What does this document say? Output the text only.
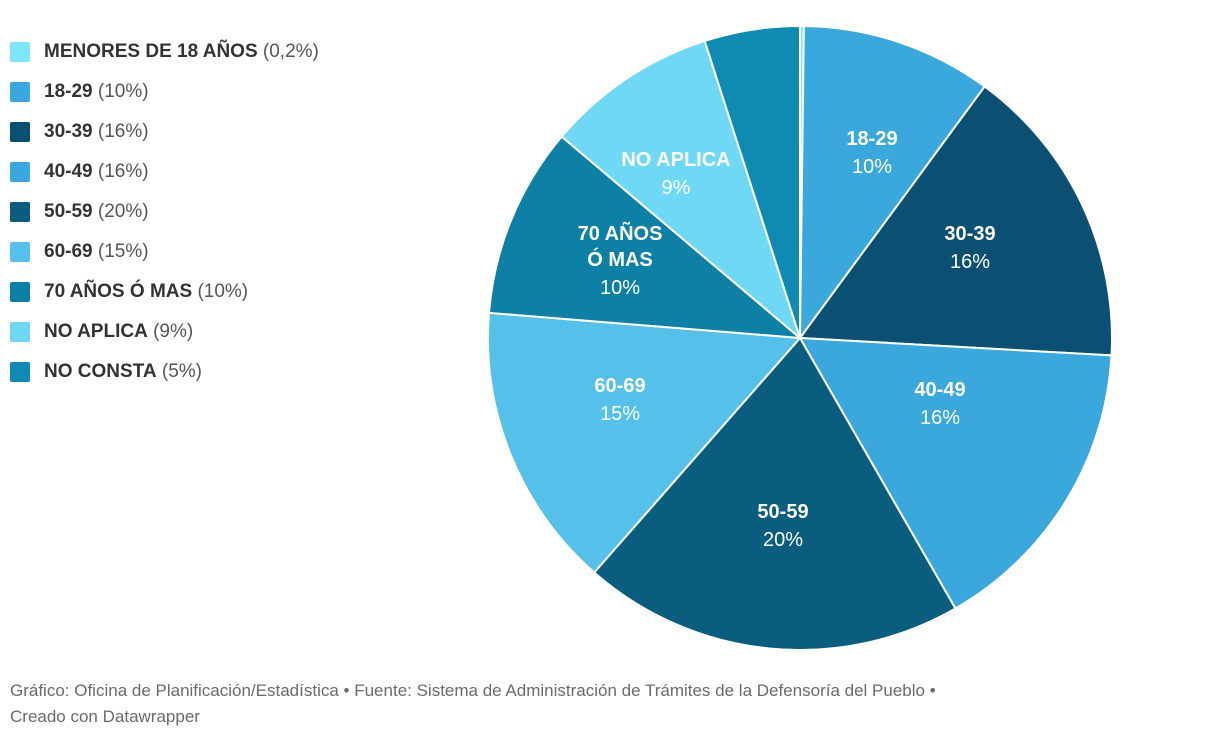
MENORES DE 18 AÑOS (0,2%)
18-29 (10%)
30-39 (16%)
40-49 (16%)
50-59 (20%)
60-69 (15%)
70 AÑOS Ó MAS (10%)
NO APLICA (9%)
NO CONSTA (5%)
18-29 10%
30-39 16%
40-49 16%
50-59 20%
60-69 15%
70 AÑOS Ó MAS 10%
NO APLICA 9%
Gráfico: Oficina de Planificación/Estadística • Fuente: Sistema de Administración de Trámites de la Defensoría del Pueblo •
Creado con Datawrapper
